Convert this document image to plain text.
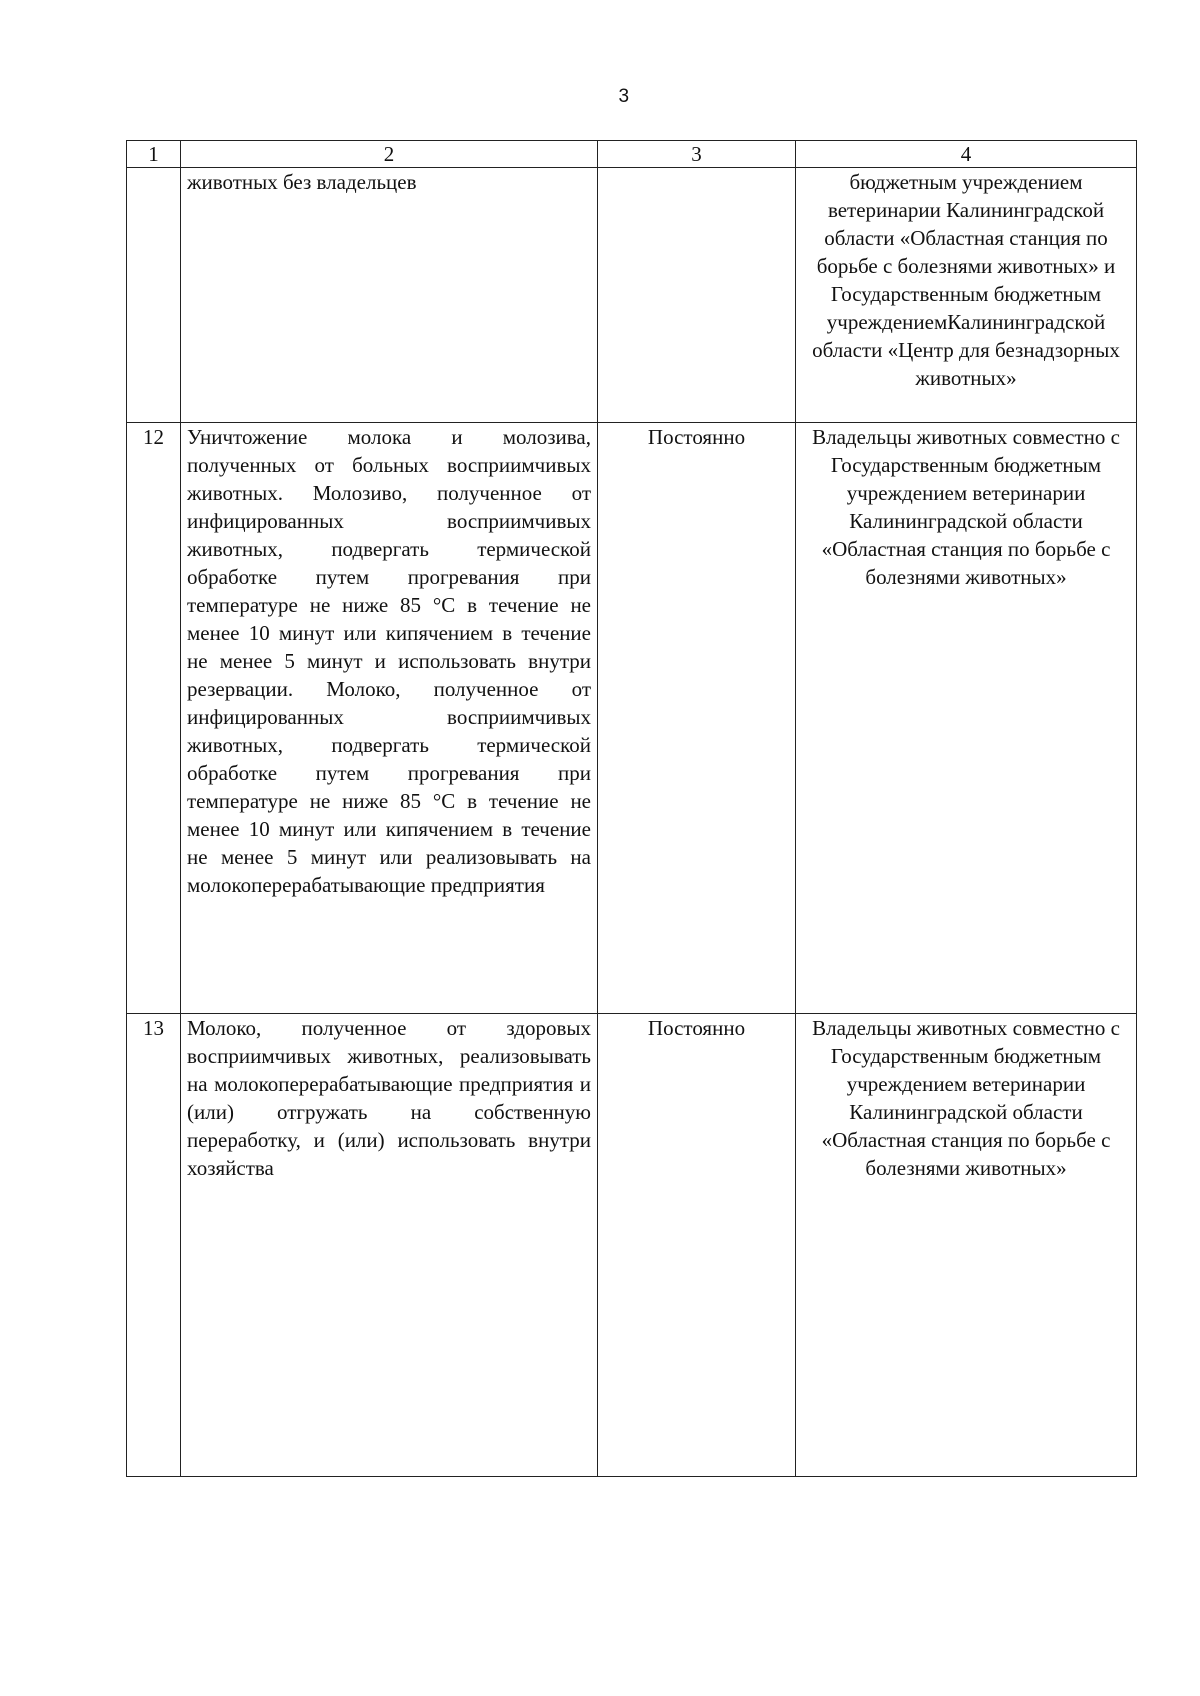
3
1	2	3	4
	животных без владельцев		бюджетным учреждением ветеринарии Калининградской области «Областная станция по борьбе с болезнями животных» и Государственным бюджетным учреждениемКалининградской области «Центр для безнадзорных животных»
12	Уничтожение молока и молозива, полученных от больных восприимчивых животных. Молозиво, полученное от инфицированных восприимчивых животных, подвергать термической обработке путем прогревания при температуре не ниже 85 °С в течение не менее 10 минут или кипячением в течение не менее 5 минут и использовать внутри резервации. Молоко, полученное от инфицированных восприимчивых животных, подвергать термической обработке путем прогревания при температуре не ниже 85 °С в течение не менее 10 минут или кипячением в течение не менее 5 минут или реализовывать на молокоперерабатывающие предприятия	Постоянно	Владельцы животных совместно с Государственным бюджетным учреждением ветеринарии Калининградской области «Областная станция по борьбе с болезнями животных»
13	Молоко, полученное от здоровых восприимчивых животных, реализовывать на молокоперерабатывающие предприятия и (или) отгружать на собственную переработку, и (или) использовать внутри хозяйства	Постоянно	Владельцы животных совместно с Государственным бюджетным учреждением ветеринарии Калининградской области «Областная станция по борьбе с болезнями животных»
